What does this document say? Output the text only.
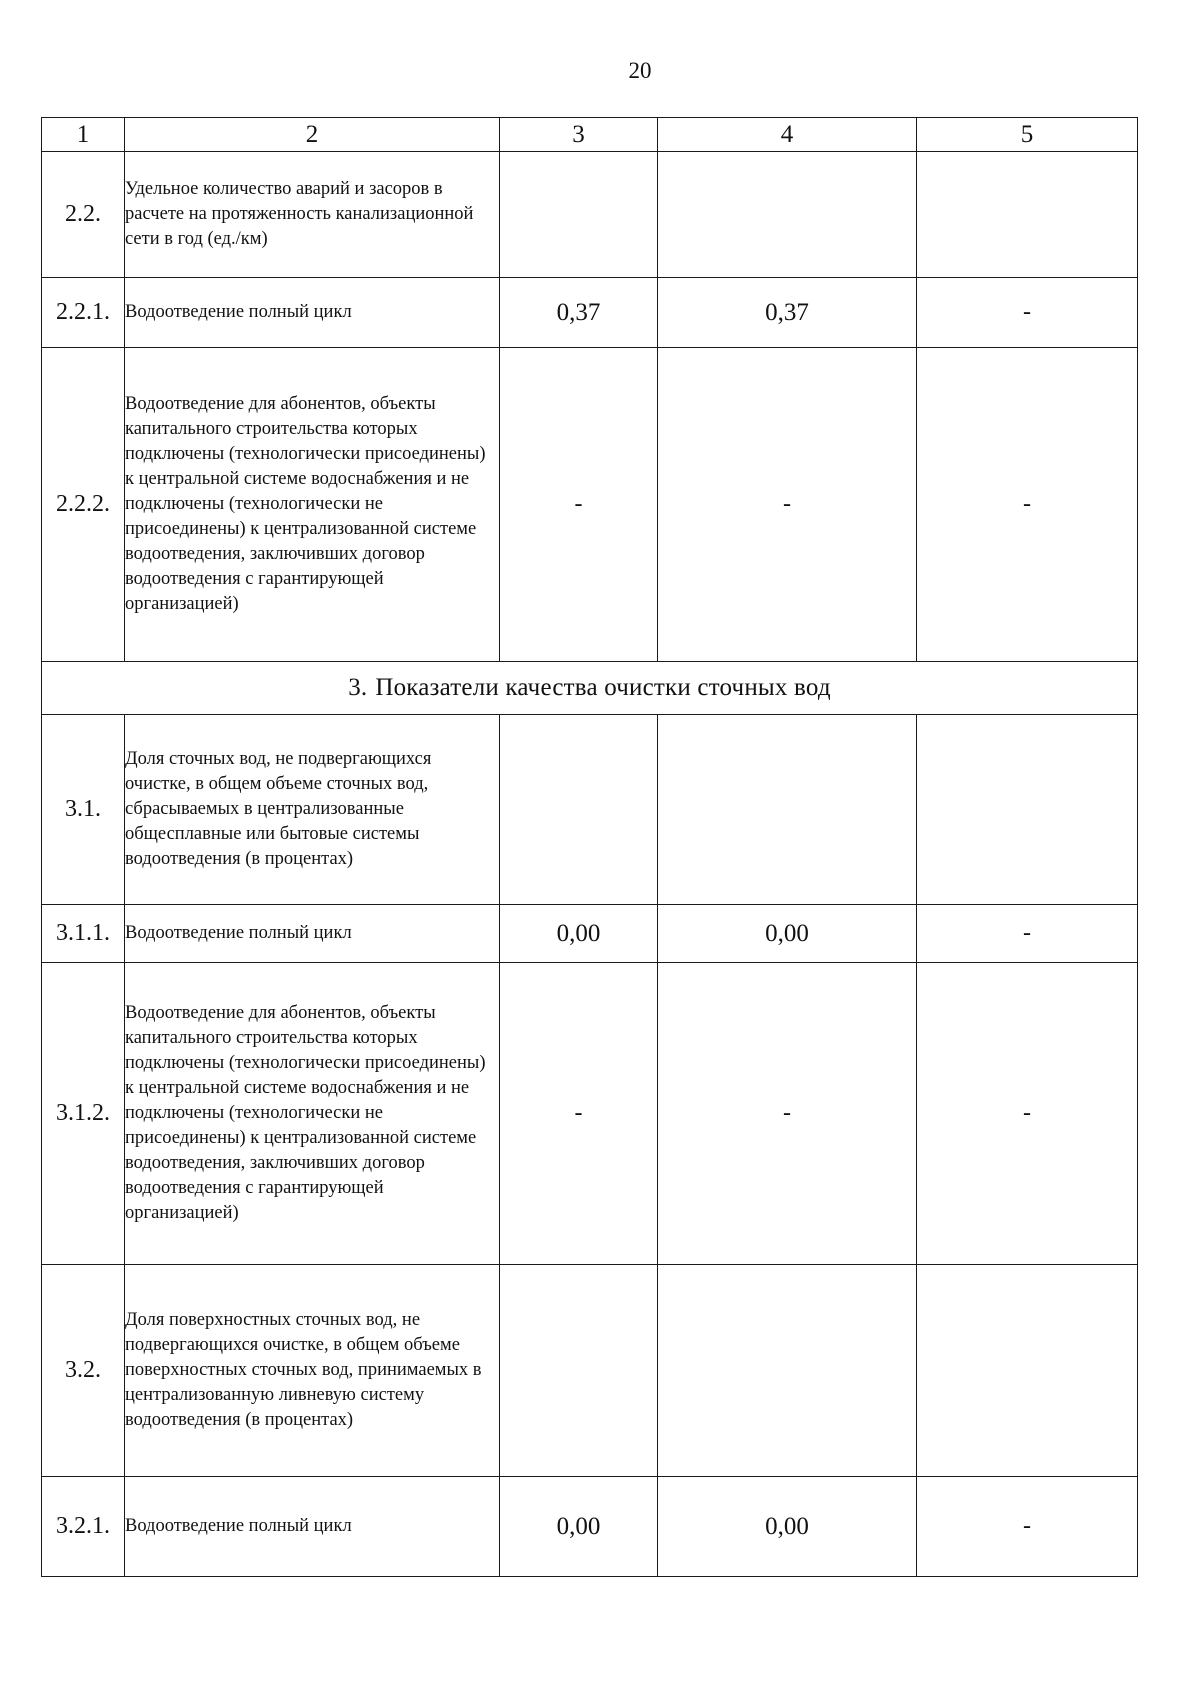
20
1	2	3	4	5
2.2.	Удельное количество аварий и засоров в расчете на протяженность канализационной сети в год (ед./км)			
2.2.1.	Водоотведение полный цикл	0,37	0,37	-
2.2.2.	Водоотведение для абонентов, объекты капитального строительства которых подключены (технологически присоединены) к центральной системе водоснабжения и не подключены (технологически не присоединены) к централизованной системе водоотведения, заключивших договор водоотведения с гарантирующей организацией)	-	-	-
3. Показатели качества очистки сточных вод				
3.1.	Доля сточных вод, не подвергающихся очистке, в общем объеме сточных вод, сбрасываемых в централизованные общесплавные или бытовые системы водоотведения (в процентах)			
3.1.1.	Водоотведение полный цикл	0,00	0,00	-
3.1.2.	Водоотведение для абонентов, объекты капитального строительства которых подключены (технологически присоединены) к центральной системе водоснабжения и не подключены (технологически не присоединены) к централизованной системе водоотведения, заключивших договор водоотведения с гарантирующей организацией)	-	-	-
3.2.	Доля поверхностных сточных вод, не подвергающихся очистке, в общем объеме поверхностных сточных вод, принимаемых в централизованную ливневую систему водоотведения (в процентах)			
3.2.1.	Водоотведение полный цикл	0,00	0,00	-
